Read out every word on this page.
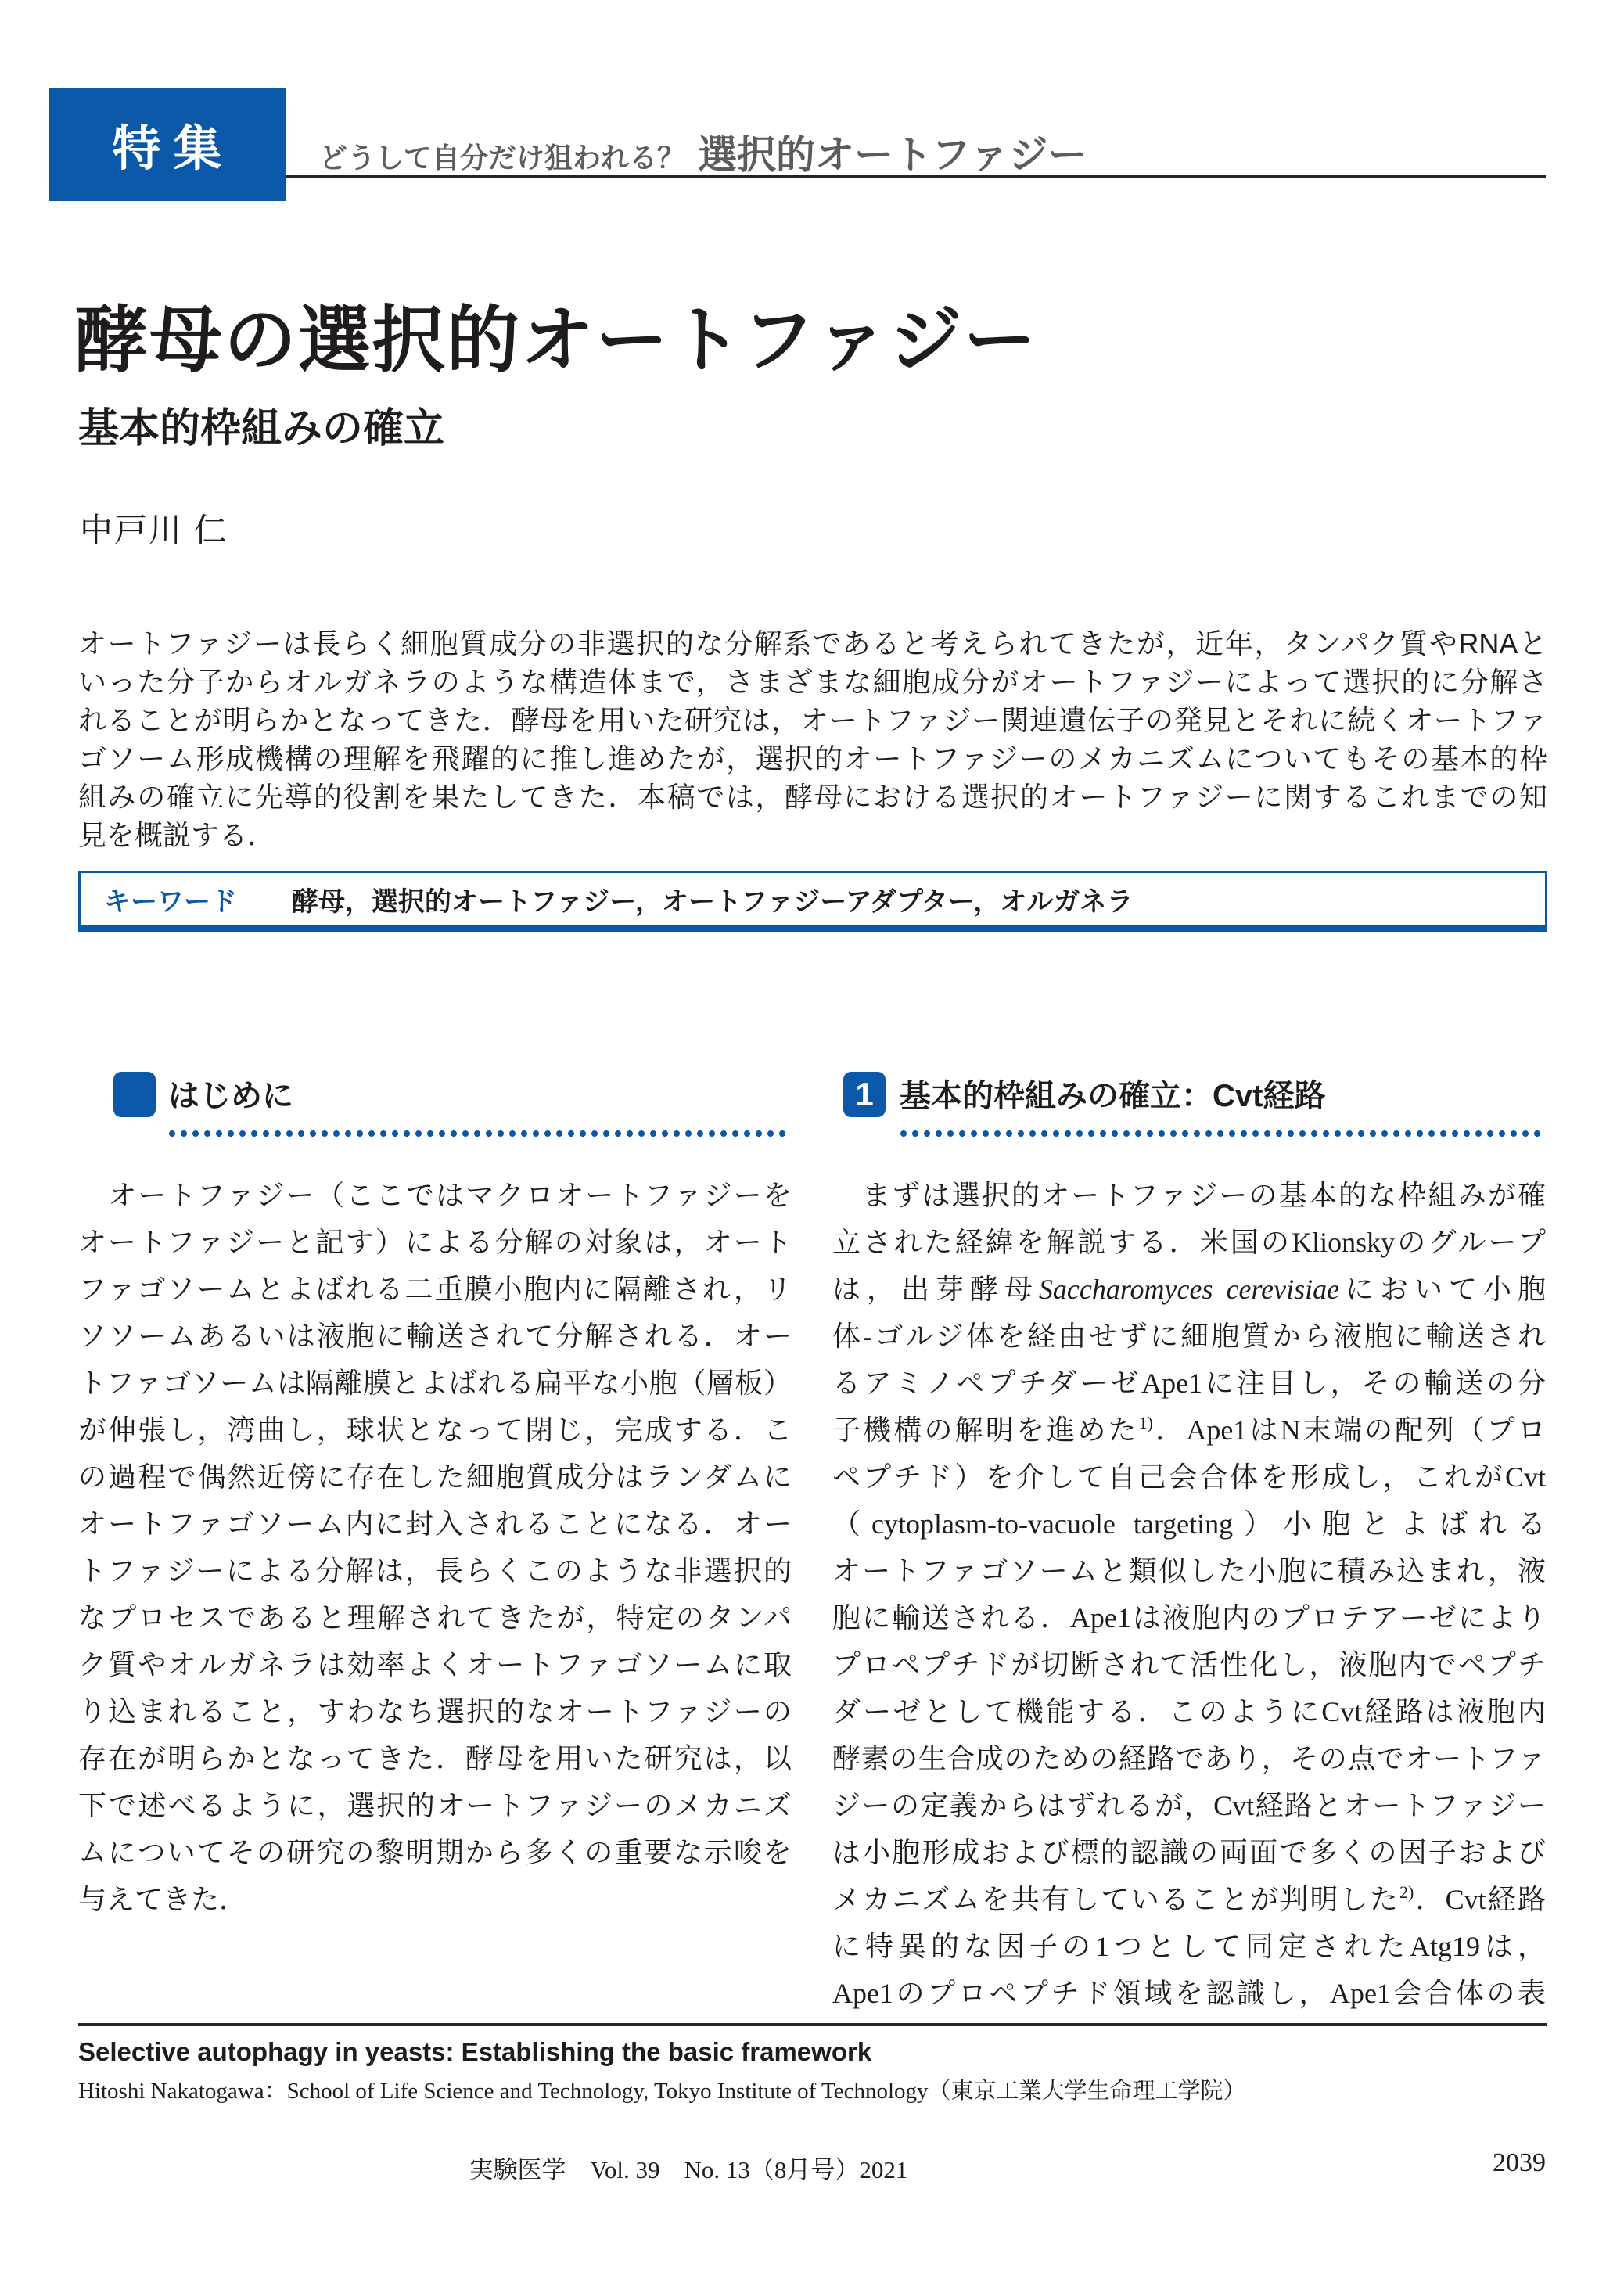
特集	どうして自分だけ狙われる？ 選択的オートファジー
酵母の選択的オートファジー
基本的枠組みの確立
中戸川 仁
オートファジーは長らく細胞質成分の非選択的な分解系であると考えられてきたが，近年，タンパク質やRNAと
いった分子からオルガネラのような構造体まで，さまざまな細胞成分がオートファジーによって選択的に分解さ
れることが明らかとなってきた．酵母を用いた研究は，オートファジー関連遺伝子の発見とそれに続くオートファ
ゴソーム形成機構の理解を飛躍的に推し進めたが，選択的オートファジーのメカニズムについてもその基本的枠
組みの確立に先導的役割を果たしてきた．本稿では，酵母における選択的オートファジーに関するこれまでの知
見を概説する．
キーワード 酵母，選択的オートファジー，オートファジーアダプター，オルガネラ
はじめに	1 基本的枠組みの確立：Cvt経路
　オートファジー（ここではマクロオートファジーを
オートファジーと記す）による分解の対象は，オート
ファゴソームとよばれる二重膜小胞内に隔離され，リ
ソソームあるいは液胞に輸送されて分解される．オー
トファゴソームは隔離膜とよばれる扁平な小胞（層板）
が伸張し，湾曲し，球状となって閉じ，完成する．こ
の過程で偶然近傍に存在した細胞質成分はランダムに
オートファゴソーム内に封入されることになる．オー
トファジーによる分解は，長らくこのような非選択的
なプロセスであると理解されてきたが，特定のタンパ
ク質やオルガネラは効率よくオートファゴソームに取
り込まれること，すわなち選択的なオートファジーの
存在が明らかとなってきた．酵母を用いた研究は，以
下で述べるように，選択的オートファジーのメカニズ
ムについてその研究の黎明期から多くの重要な示唆を
与えてきた．
　まずは選択的オートファジーの基本的な枠組みが確
立された経緯を解説する．米国のKlionskyのグループ
は，出芽酵母Saccharomyces cerevisiaeにおいて小胞
体-ゴルジ体を経由せずに細胞質から液胞に輸送され
るアミノペプチダーゼApe1に注目し，その輸送の分
子機構の解明を進めた$^{1)}$．Ape1はN末端の配列（プロ
ペプチド）を介して自己会合体を形成し，これがCvt
（cytoplasm-to-vacuole targeting）小胞とよばれる
オートファゴソームと類似した小胞に積み込まれ，液
胞に輸送される．Ape1は液胞内のプロテアーゼにより
プロペプチドが切断されて活性化し，液胞内でペプチ
ダーゼとして機能する．このようにCvt経路は液胞内
酵素の生合成のための経路であり，その点でオートファ
ジーの定義からはずれるが，Cvt経路とオートファジー
は小胞形成および標的認識の両面で多くの因子および
メカニズムを共有していることが判明した$^{2)}$．Cvt経路
に特異的な因子の1つとして同定されたAtg19は，
Ape1のプロペプチド領域を認識し，Ape1会合体の表
Selective autophagy in yeasts: Establishing the basic framework
Hitoshi Nakatogawa：School of Life Science and Technology, Tokyo Institute of Technology（東京工業大学生命理工学院）
実験医学　Vol. 39　No. 13（8月号）2021	2039
